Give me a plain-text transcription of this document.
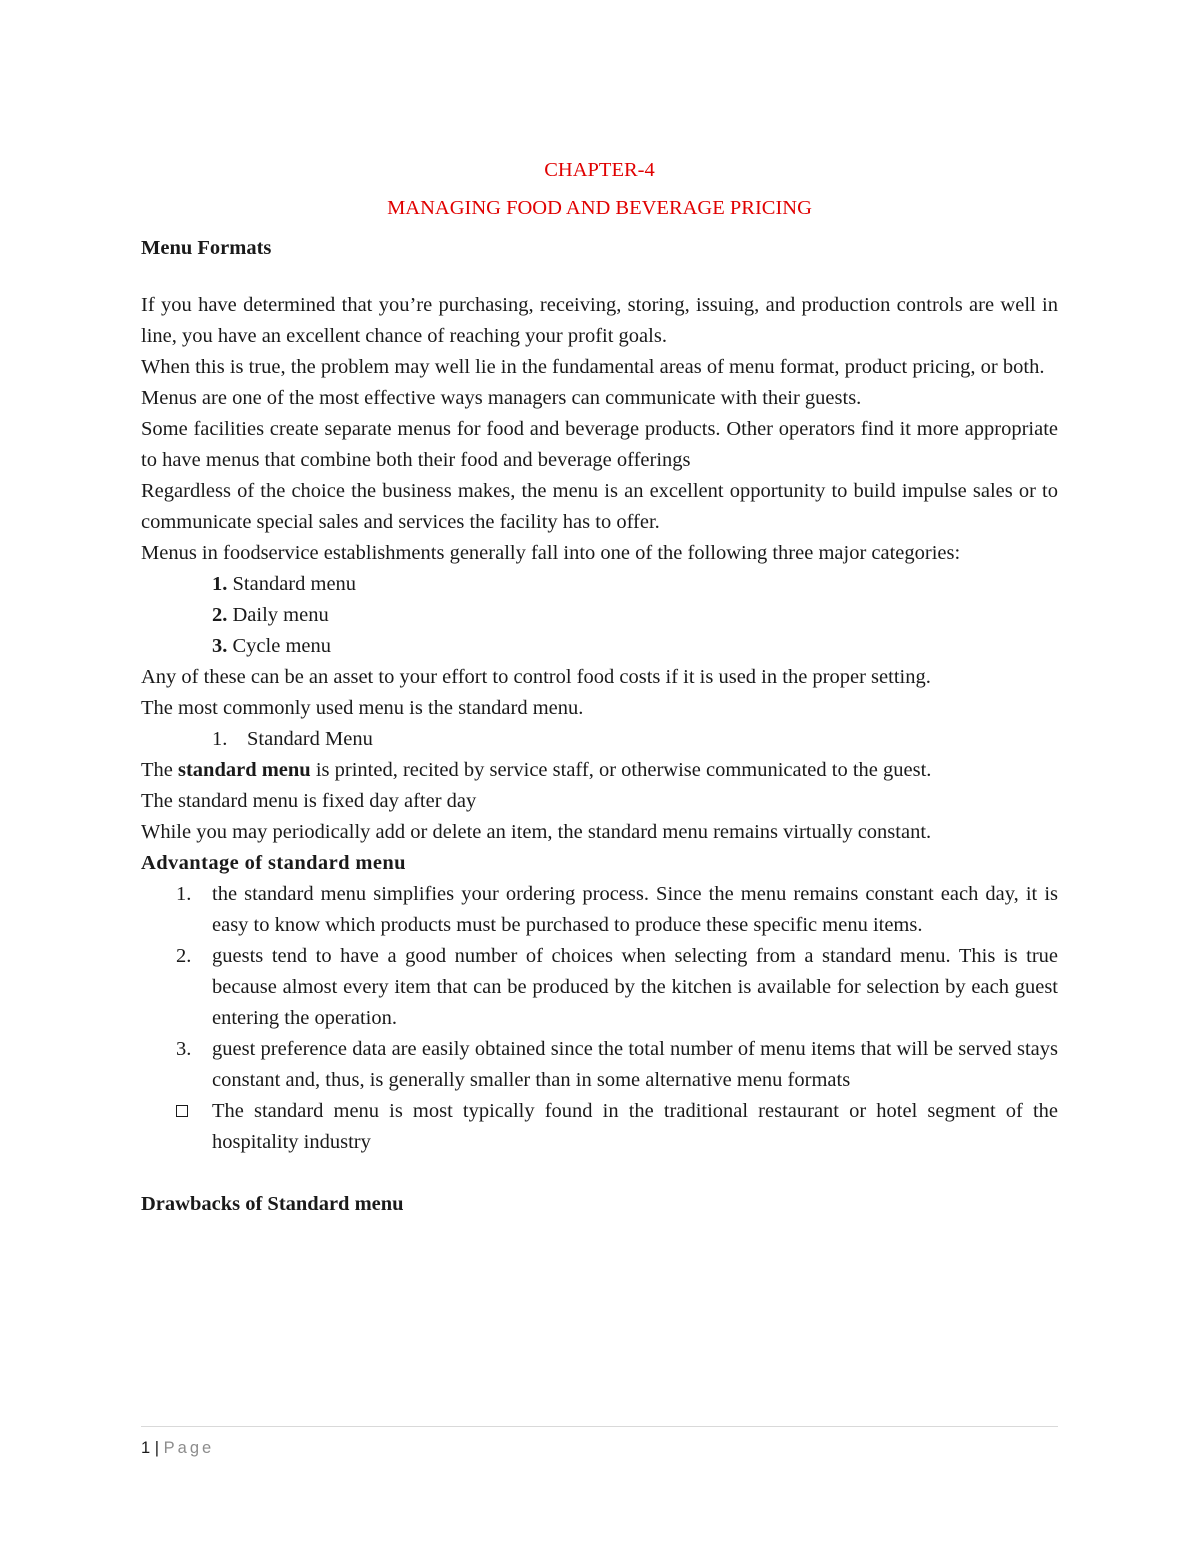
CHAPTER-4

MANAGING FOOD AND BEVERAGE PRICING

Menu Formats

If you have determined that you’re purchasing, receiving, storing, issuing, and production controls are well in line, you have an excellent chance of reaching your profit goals.

When this is true, the problem may well lie in the fundamental areas of menu format, product pricing, or both.

Menus are one of the most effective ways managers can communicate with their guests.

Some facilities create separate menus for food and beverage products. Other operators find it more appropriate to have menus that combine both their food and beverage offerings

Regardless of the choice the business makes, the menu is an excellent opportunity to build impulse sales or to communicate special sales and services the facility has to offer.

Menus in foodservice establishments generally fall into one of the following three major categories:

1. Standard menu
2. Daily menu
3. Cycle menu

Any of these can be an asset to your effort to control food costs if it is used in the proper setting.

The most commonly used menu is the standard menu.

1. Standard Menu

The standard menu is printed, recited by service staff, or otherwise communicated to the guest.

The standard menu is fixed day after day

While you may periodically add or delete an item, the standard menu remains virtually constant.

Advantage of standard menu

1. the standard menu simplifies your ordering process. Since the menu remains constant each day, it is easy to know which products must be purchased to produce these specific menu items.
2. guests tend to have a good number of choices when selecting from a standard menu. This is true because almost every item that can be produced by the kitchen is available for selection by each guest entering the operation.
3. guest preference data are easily obtained since the total number of menu items that will be served stays constant and, thus, is generally smaller than in some alternative menu formats
The standard menu is most typically found in the traditional restaurant or hotel segment of the hospitality industry

Drawbacks of Standard menu

1 | Page
